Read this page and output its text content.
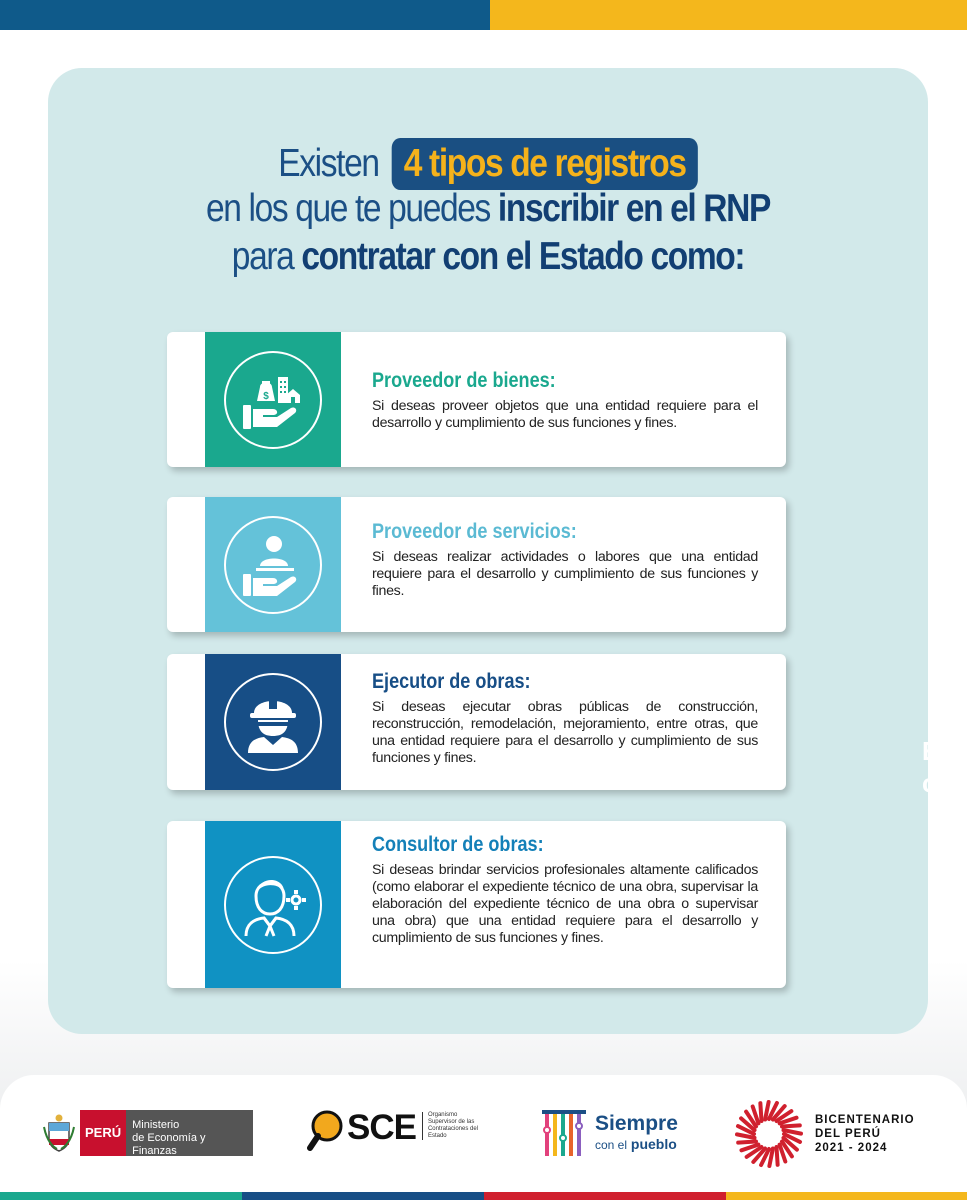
Existen 4 tipos de registros
en los que te puedes inscribir en el RNP
para contratar con el Estado como:
$
Proveedor de bienes:

Si deseas proveer objetos que una entidad requiere para el desarrollo y cumplimiento de sus funciones y fines.

Proveedor de servicios:

Si deseas realizar actividades o labores que una entidad requiere para el desarrollo y cumplimiento de sus funciones y fines.

Ejecutor de obras:

Si deseas ejecutar obras públicas de construcción, reconstrucción, remodelación, mejoramiento, entre otras, que una entidad requiere para el desarrollo y cumplimiento de sus funciones y fines.

Consultor de obras:

Si deseas brindar servicios profesionales altamente calificados (como elaborar el expediente técnico de una obra, supervisar la elaboración del expediente técnico de una obra o supervisar una obra) que una entidad requiere para el desarrollo y cumplimiento de sus funciones y fines.

E
c
PERÚ	Ministerio
de Economía y Finanzas
SCE	Organismo Supervisor de las Contrataciones del Estado
Siempre
con el pueblo
BICENTENARIO
DEL PERÚ
2021 - 2024
